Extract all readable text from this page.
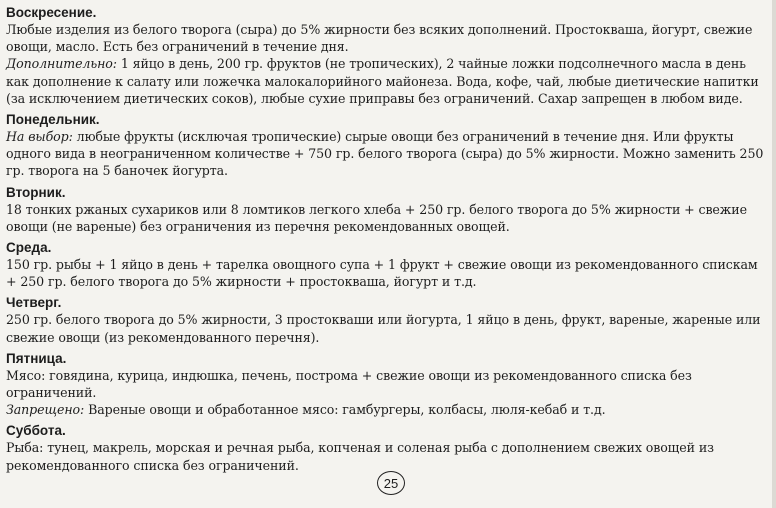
Воскресение.

Любые изделия из белого творога (сыра) до 5% жирности без всяких дополнений. Простокваша, йогурт, свежие овощи, масло. Есть без ограничений в течение дня.

Дополнительно: 1 яйцо в день, 200 гр. фруктов (не тропических), 2 чайные ложки подсолнечного масла в день как дополнение к салату или ложечка малокалорийного майонеза. Вода, кофе, чай, любые диетические напитки (за исключением диетических соков), любые сухие приправы без ограничений. Сахар запрещен в любом виде.

Понедельник.

На выбор: любые фрукты (исключая тропические) сырые овощи без ограничений в течение дня. Или фрукты одного вида в неограниченном количестве + 750 гр. белого творога (сыра) до 5% жирности. Можно заменить 250 гр. творога на 5 баночек йогурта.

Вторник.

18 тонких ржаных сухариков или 8 ломтиков легкого хлеба + 250 гр. белого творога до 5% жирности + свежие овощи (не вареные) без ограничения из перечня рекомендованных овощей.

Среда.

150 гр. рыбы + 1 яйцо в день + тарелка овощного супа + 1 фрукт + свежие овощи из рекомендованного спискам + 250 гр. белого творога до 5% жирности + простокваша, йогурт и т.д.

Четверг.

250 гр. белого творога до 5% жирности, 3 простокваши или йогурта, 1 яйцо в день, фрукт, вареные, жареные или свежие овощи (из рекомендованного перечня).

Пятница.

Мясо: говядина, курица, индюшка, печень, построма + свежие овощи из рекомендованного списка без ограничений.

Запрещено: Вареные овощи и обработанное мясо: гамбургеры, колбасы, люля-кебаб и т.д.

Суббота.

Рыба: тунец, макрель, морская и речная рыба, копченая и соленая рыба с дополнением свежих овощей из рекомендованного списка без ограничений.

25
